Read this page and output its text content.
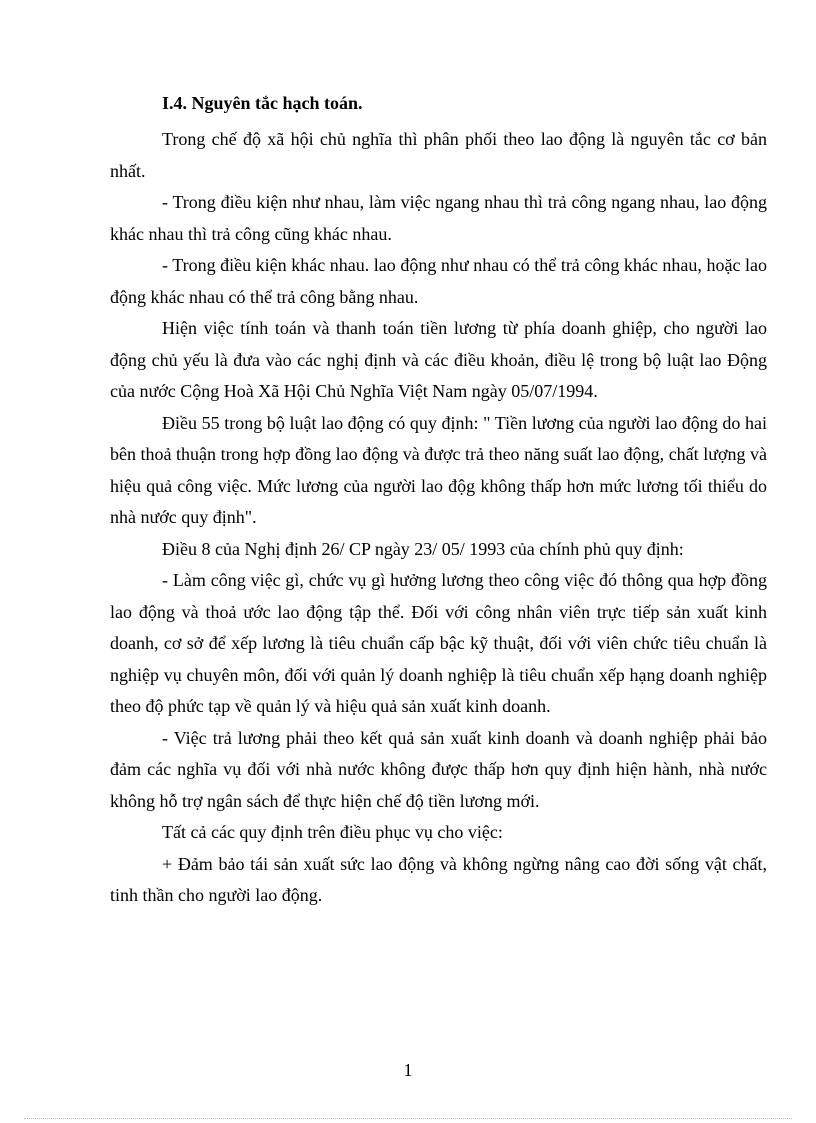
I.4. Nguyên tắc hạch toán.

Trong chế độ xã hội chủ nghĩa thì phân phối theo lao động là nguyên tắc cơ bản nhất.

- Trong điều kiện như nhau, làm việc ngang nhau thì trả công ngang nhau, lao động khác nhau thì trả công cũng khác nhau.

- Trong điều kiện khác nhau. lao động như nhau có thể trả công khác nhau, hoặc lao động khác nhau có thể trả công bằng nhau.

Hiện việc tính toán và thanh toán tiền lương từ phía doanh ghiệp, cho người lao động chủ yếu là đưa vào các nghị định và các điều khoản, điều lệ trong bộ luật lao Động của nước Cộng Hoà Xã Hội Chủ Nghĩa Việt Nam ngày 05/07/1994.

Điều 55 trong bộ luật lao động có quy định: " Tiền lương của người lao động do hai bên thoả thuận trong hợp đồng lao động và được trả theo năng suất lao động, chất lượng và hiệu quả công việc. Mức lương của người lao độg không thấp hơn mức lương tối thiểu do nhà nước quy định".

Điều 8 của Nghị định 26/ CP ngày 23/ 05/ 1993 của chính phủ quy định:

- Làm công việc gì, chức vụ gì hưởng lương theo công việc đó thông qua hợp đồng lao động và thoả ước lao động tập thể. Đối với công nhân viên trực tiếp sản xuất kinh doanh, cơ sở để xếp lương là tiêu chuẩn cấp bậc kỹ thuật, đối với viên chức tiêu chuẩn là nghiệp vụ chuyên môn, đối với quản lý doanh nghiệp là tiêu chuẩn xếp hạng doanh nghiệp theo độ phức tạp về quản lý và hiệu quả sản xuất kinh doanh.

- Việc trả lương phải theo kết quả sản xuất kinh doanh và doanh nghiệp phải bảo đảm các nghĩa vụ đối với nhà nước không được thấp hơn quy định hiện hành, nhà nước không hỗ trợ ngân sách để thực hiện chế độ tiền lương mới.

Tất cả các quy định trên điều phục vụ cho việc:

+ Đảm bảo tái sản xuất sức lao động và không ngừng nâng cao đời sống vật chất, tinh thần cho người lao động.

1
